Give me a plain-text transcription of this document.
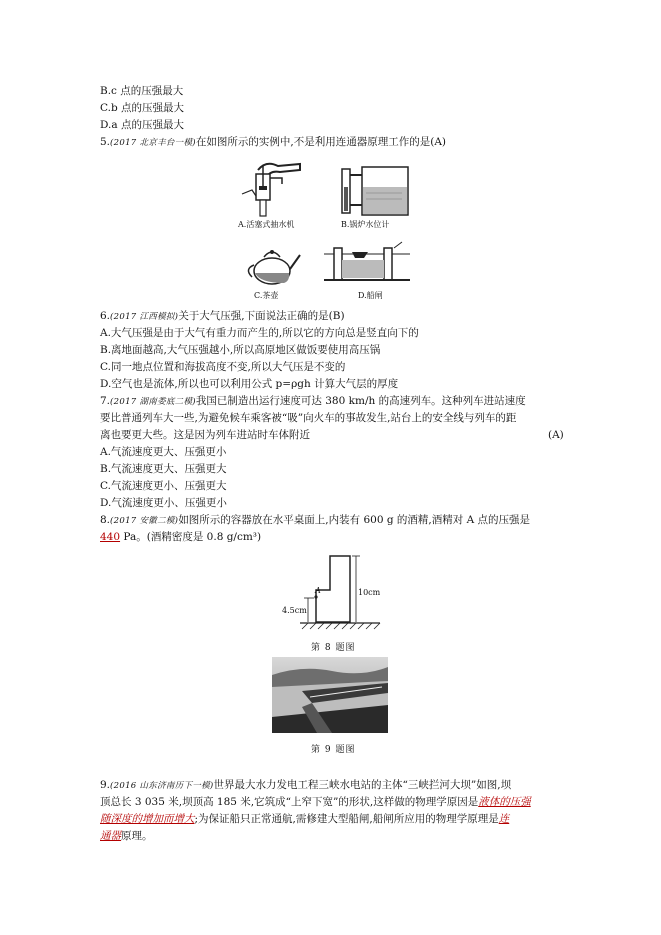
B.c 点的压强最大
C.b 点的压强最大
D.a 点的压强最大
5.(2017 北京丰台一模)在如图所示的实例中,不是利用连通器原理工作的是(A)
A.活塞式抽水机	B.锅炉水位计
C.茶壶	D.船闸
6.(2017 江西模拟)关于大气压强,下面说法正确的是(B)
A.大气压强是由于大气有重力而产生的,所以它的方向总是竖直向下的
B.离地面越高,大气压强越小,所以高原地区做饭要使用高压锅
C.同一地点位置和海拔高度不变,所以大气压是不变的
D.空气也是流体,所以也可以利用公式 p=ρgh 计算大气层的厚度
7.(2017 湖南娄底二模)我国已制造出运行速度可达 380 km/h 的高速列车。这种列车进站速度
要比普通列车大一些,为避免候车乘客被“吸”向火车的事故发生,站台上的安全线与列车的距
离也要更大些。这是因为列车进站时车体附近	(A)
A.气流速度更大、压强更小
B.气流速度更大、压强更大
C.气流速度更小、压强更大
D.气流速度更小、压强更小
8.(2017 安徽二模)如图所示的容器放在水平桌面上,内装有 600 g 的酒精,酒精对 A 点的压强是
440 Pa。(酒精密度是 0.8 g/cm³)
A	10cm
4.5cm
第 8 题图
第 9 题图
9.(2016 山东济南历下一模)世界最大水力发电工程三峡水电站的主体“三峡拦河大坝”如图,坝
顶总长 3 035 米,坝顶高 185 米,它筑成“上窄下宽”的形状,这样做的物理学原因是液体的压强
随深度的增加而增大;为保证船只正常通航,需修建大型船闸,船闸所应用的物理学原理是连
通器原理。
